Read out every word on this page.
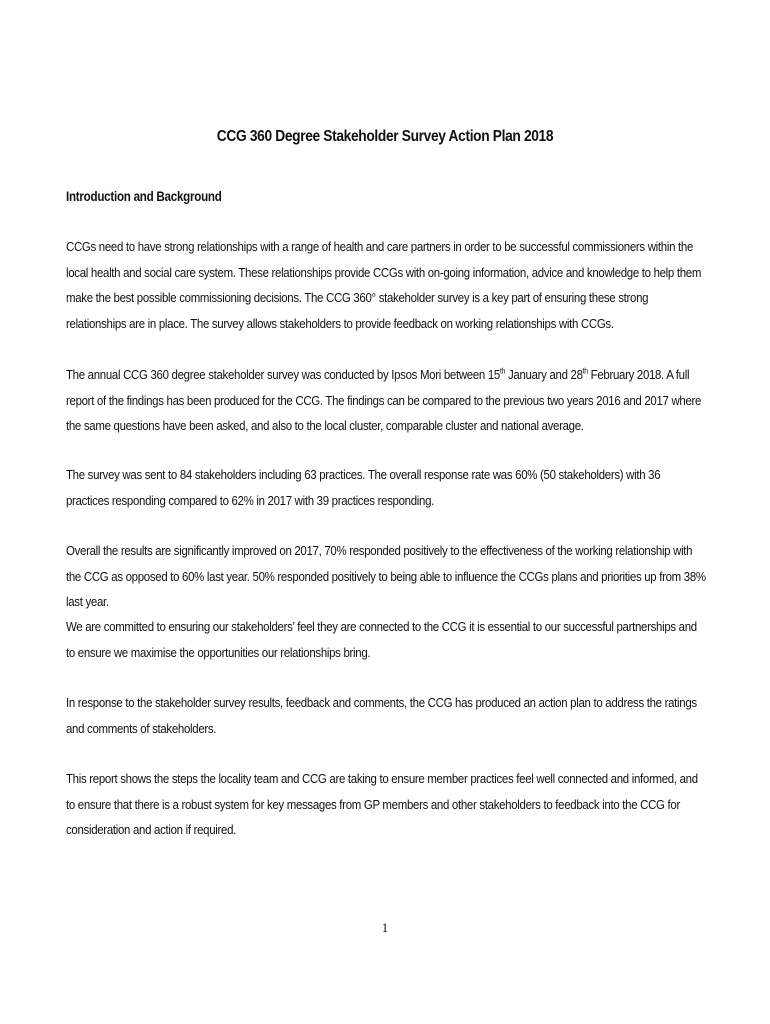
CCG 360 Degree Stakeholder Survey Action Plan 2018
Introduction and Background
CCGs need to have strong relationships with a range of health and care partners in order to be successful commissioners within the local health and social care system. These relationships provide CCGs with on-going information, advice and knowledge to help them make the best possible commissioning decisions. The CCG 360° stakeholder survey is a key part of ensuring these strong relationships are in place. The survey allows stakeholders to provide feedback on working relationships with CCGs.
The annual CCG 360 degree stakeholder survey was conducted by Ipsos Mori between 15th January and 28th February 2018. A full report of the findings has been produced for the CCG. The findings can be compared to the previous two years 2016 and 2017 where the same questions have been asked, and also to the local cluster, comparable cluster and national average.
The survey was sent to 84 stakeholders including 63 practices. The overall response rate was 60% (50 stakeholders) with 36 practices responding compared to 62% in 2017 with 39 practices responding.
Overall the results are significantly improved on 2017, 70% responded positively to the effectiveness of the working relationship with the CCG as opposed to 60% last year. 50% responded positively to being able to influence the CCGs plans and priorities up from 38% last year.
We are committed to ensuring our stakeholders’ feel they are connected to the CCG it is essential to our successful partnerships and to ensure we maximise the opportunities our relationships bring.
In response to the stakeholder survey results, feedback and comments, the CCG has produced an action plan to address the ratings and comments of stakeholders.
This report shows the steps the locality team and CCG are taking to ensure member practices feel well connected and informed, and to ensure that there is a robust system for key messages from GP members and other stakeholders to feedback into the CCG for consideration and action if required.
1
